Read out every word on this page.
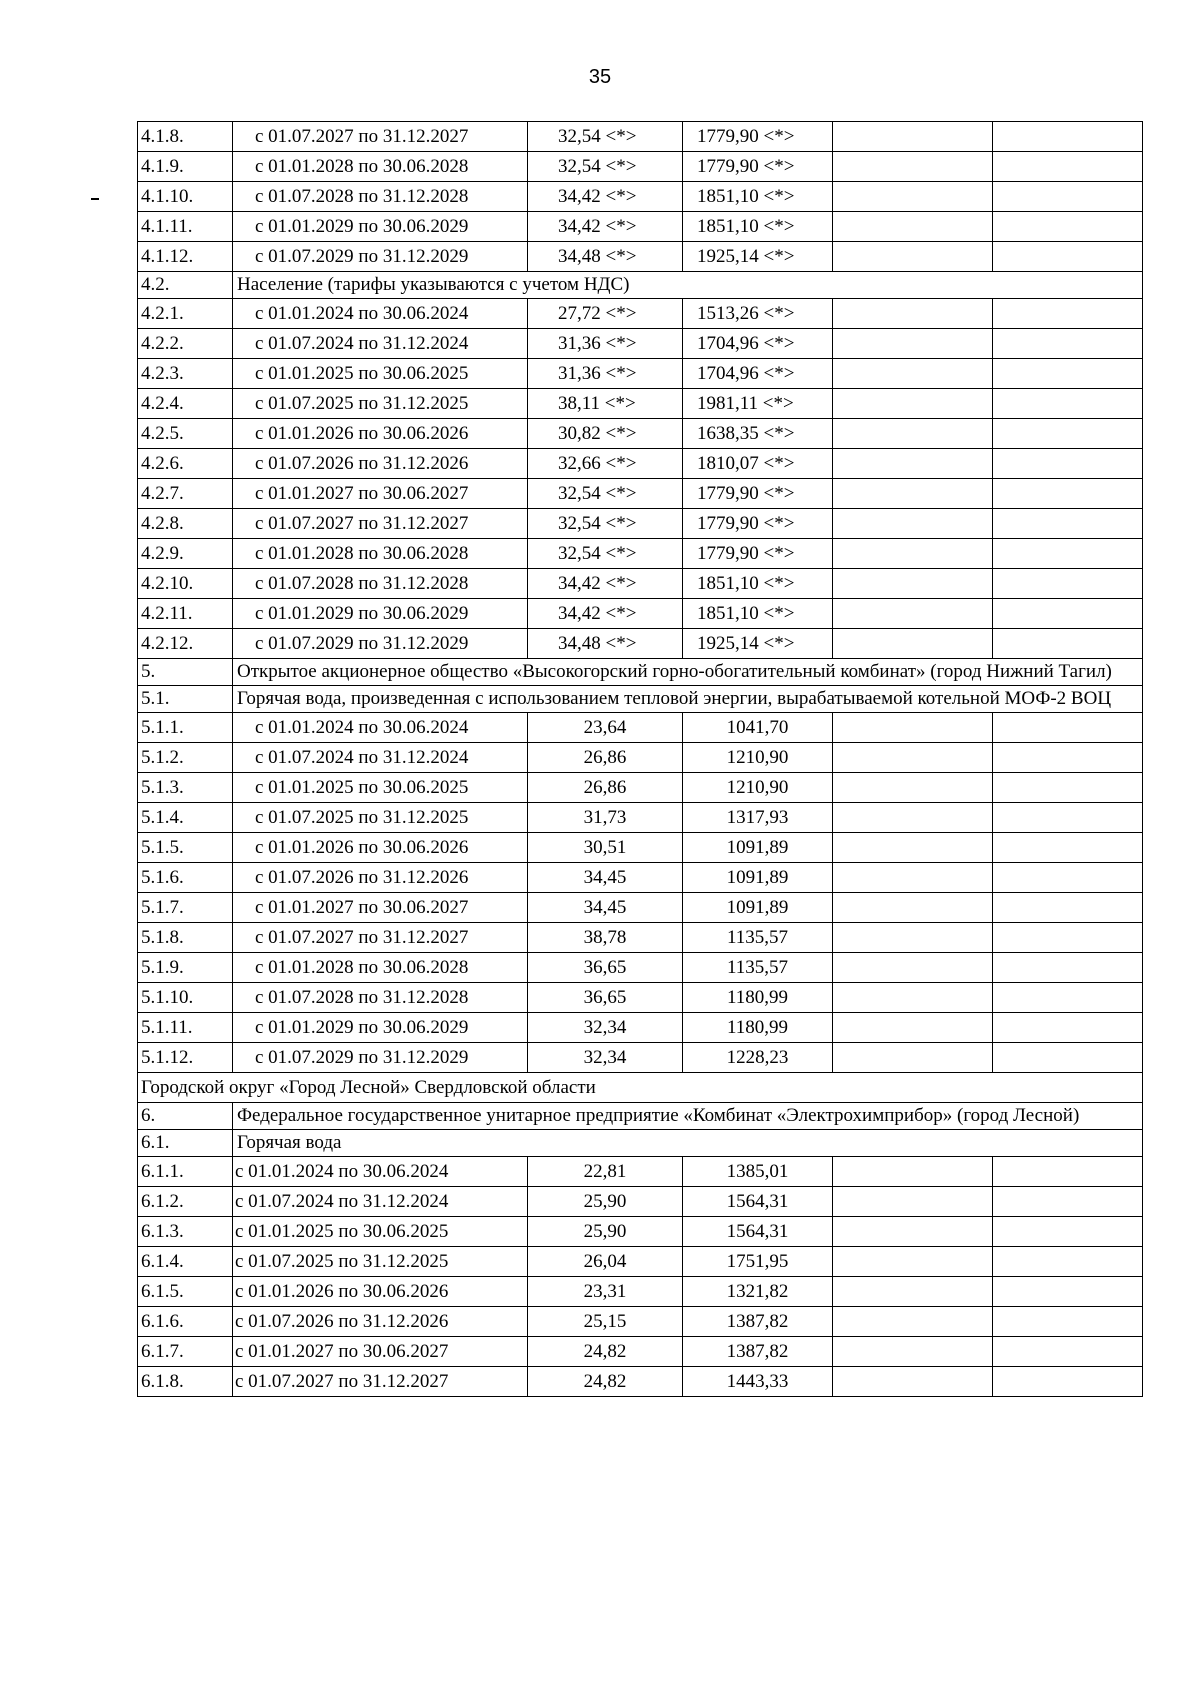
35
4.1.8.	с 01.07.2027 по 31.12.2027	32,54 <*>	1779,90 <*>		
4.1.9.	с 01.01.2028 по 30.06.2028	32,54 <*>	1779,90 <*>		
4.1.10.	с 01.07.2028 по 31.12.2028	34,42 <*>	1851,10 <*>		
4.1.11.	с 01.01.2029 по 30.06.2029	34,42 <*>	1851,10 <*>		
4.1.12.	с 01.07.2029 по 31.12.2029	34,48 <*>	1925,14 <*>		
4.2.	Население (тарифы указываются с учетом НДС)				
4.2.1.	с 01.01.2024 по 30.06.2024	27,72 <*>	1513,26 <*>		
4.2.2.	с 01.07.2024 по 31.12.2024	31,36 <*>	1704,96 <*>		
4.2.3.	с 01.01.2025 по 30.06.2025	31,36 <*>	1704,96 <*>		
4.2.4.	с 01.07.2025 по 31.12.2025	38,11 <*>	1981,11 <*>		
4.2.5.	с 01.01.2026 по 30.06.2026	30,82 <*>	1638,35 <*>		
4.2.6.	с 01.07.2026 по 31.12.2026	32,66 <*>	1810,07 <*>		
4.2.7.	с 01.01.2027 по 30.06.2027	32,54 <*>	1779,90 <*>		
4.2.8.	с 01.07.2027 по 31.12.2027	32,54 <*>	1779,90 <*>		
4.2.9.	с 01.01.2028 по 30.06.2028	32,54 <*>	1779,90 <*>		
4.2.10.	с 01.07.2028 по 31.12.2028	34,42 <*>	1851,10 <*>		
4.2.11.	с 01.01.2029 по 30.06.2029	34,42 <*>	1851,10 <*>		
4.2.12.	с 01.07.2029 по 31.12.2029	34,48 <*>	1925,14 <*>		
5.	Открытое акционерное общество «Высокогорский горно-обогатительный комбинат» (город Нижний Тагил)				
5.1.	Горячая вода, произведенная с использованием тепловой энергии, вырабатываемой котельной МОФ-2 ВОЦ				
5.1.1.	с 01.01.2024 по 30.06.2024	23,64	1041,70		
5.1.2.	с 01.07.2024 по 31.12.2024	26,86	1210,90		
5.1.3.	с 01.01.2025 по 30.06.2025	26,86	1210,90		
5.1.4.	с 01.07.2025 по 31.12.2025	31,73	1317,93		
5.1.5.	с 01.01.2026 по 30.06.2026	30,51	1091,89		
5.1.6.	с 01.07.2026 по 31.12.2026	34,45	1091,89		
5.1.7.	с 01.01.2027 по 30.06.2027	34,45	1091,89		
5.1.8.	с 01.07.2027 по 31.12.2027	38,78	1135,57		
5.1.9.	с 01.01.2028 по 30.06.2028	36,65	1135,57		
5.1.10.	с 01.07.2028 по 31.12.2028	36,65	1180,99		
5.1.11.	с 01.01.2029 по 30.06.2029	32,34	1180,99		
5.1.12.	с 01.07.2029 по 31.12.2029	32,34	1228,23		
Городской округ «Город Лесной» Свердловской области					
6.	Федеральное государственное унитарное предприятие «Комбинат «Электрохимприбор» (город Лесной)				
6.1.	Горячая вода				
6.1.1.	с 01.01.2024 по 30.06.2024	22,81	1385,01		
6.1.2.	с 01.07.2024 по 31.12.2024	25,90	1564,31		
6.1.3.	с 01.01.2025 по 30.06.2025	25,90	1564,31		
6.1.4.	с 01.07.2025 по 31.12.2025	26,04	1751,95		
6.1.5.	с 01.01.2026 по 30.06.2026	23,31	1321,82		
6.1.6.	с 01.07.2026 по 31.12.2026	25,15	1387,82		
6.1.7.	с 01.01.2027 по 30.06.2027	24,82	1387,82		
6.1.8.	с 01.07.2027 по 31.12.2027	24,82	1443,33		
